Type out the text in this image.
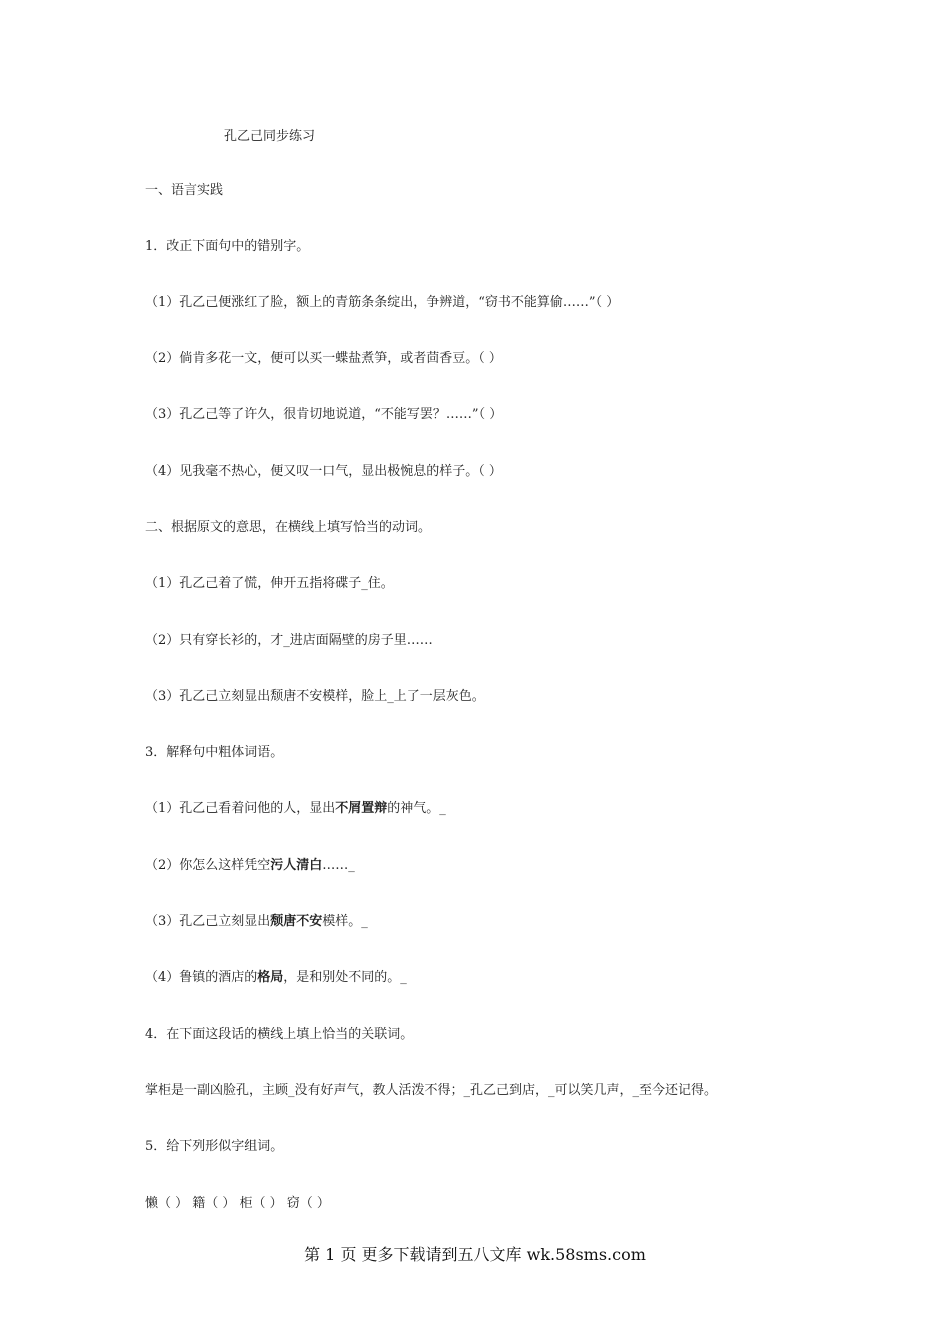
孔乙己同步练习
一、语言实践
1．改正下面句中的错别字。
（1）孔乙己便涨红了脸，额上的青筋条条绽出，争辨道，“窃书不能算偷……”（ ）
（2）倘肯多花一文，便可以买一蝶盐煮笋，或者茴香豆。（ ）
（3）孔乙己等了许久，很肯切地说道，“不能写罢？……”（ ）
（4）见我毫不热心，便又叹一口气，显出极惋息的样子。（ ）
二、根据原文的意思，在横线上填写恰当的动词。
（1）孔乙己着了慌，伸开五指将碟子_住。
（2）只有穿长衫的，才_进店面隔壁的房子里……
（3）孔乙己立刻显出颓唐不安模样，脸上_上了一层灰色。
3．解释句中粗体词语。
（1）孔乙己看着问他的人，显出不屑置辩的神气。_
（2）你怎么这样凭空污人清白……_
（3）孔乙己立刻显出颓唐不安模样。_
（4）鲁镇的酒店的格局，是和别处不同的。_
4．在下面这段话的横线上填上恰当的关联词。
掌柜是一副凶脸孔，主顾_没有好声气，教人活泼不得；_孔乙己到店，_可以笑几声，_至今还记得。
5．给下列形似字组词。
懒（ ） 籍（ ） 柜（ ） 窃（ ）
第 1 页 更多下载请到五八文库 wk.58sms.com
